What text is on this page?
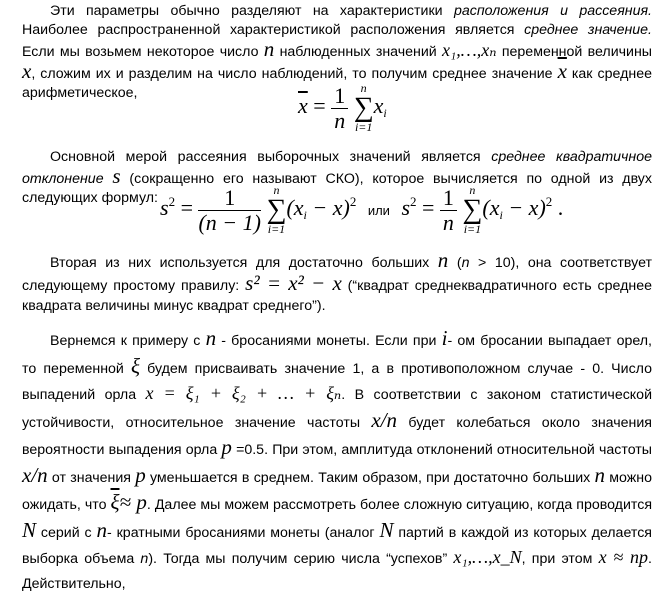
Эти параметры обычно разделяют на характеристики расположения и рассеяния. Наиболее распространенной характеристикой расположения является среднее значение. Если мы возьмем некоторое число n наблюденных значений x₁,…,xₙ переменной величины x, сложим их и разделим на число наблюдений, то получим среднее значение $\overline{x}$ как среднее арифметическое,
$\overline{x} = \frac{1}{n}$
	n
∑
i=1
$x_i$
Основной мерой рассеяния выборочных значений является среднее квадратичное отклонение s (сокращенно его называют СКО), которое вычисляется по одной из двух следующих формул: $s^2 = \frac{1}{(n - 1)}$
	n
∑
i=1
$(x_i - x)^2$ или $s^2 = \frac{1}{n}$
	n
∑
i=1
$(x_i - x)^2$ .
Вторая из них используется для достаточно больших n (n > 10), она соответствует следующему простому правилу: s² = x² − x (“квадрат среднеквадратичного есть среднее квадрата величины минус квадрат среднего”).
Вернемся к примеру с n - бросаниями монеты. Если при i- ом бросании выпадает орел, то переменной ξ будем присваивать значение 1, а в противоположном случае - 0. Число выпадений орла x = ξ₁ + ξ₂ + … + ξₙ. В соответствии с законом статистической устойчивости, относительное значение частоты x/n будет колебаться около значения вероятности выпадения орла p =0.5. При этом, амплитуда отклонений относительной частоты x/n от значения p уменьшается в среднем. Таким образом, при достаточно больших n можно ожидать, что $\overline{\xi}\approx p$. Далее мы можем рассмотреть более сложную ситуацию, когда проводится N серий с n- кратными бросаниями монеты (аналог N партий в каждой из которых делается выборка объема n). Тогда мы получим серию числа “успехов” x₁,…,x_N, при этом x ≈ np. Действительно,
